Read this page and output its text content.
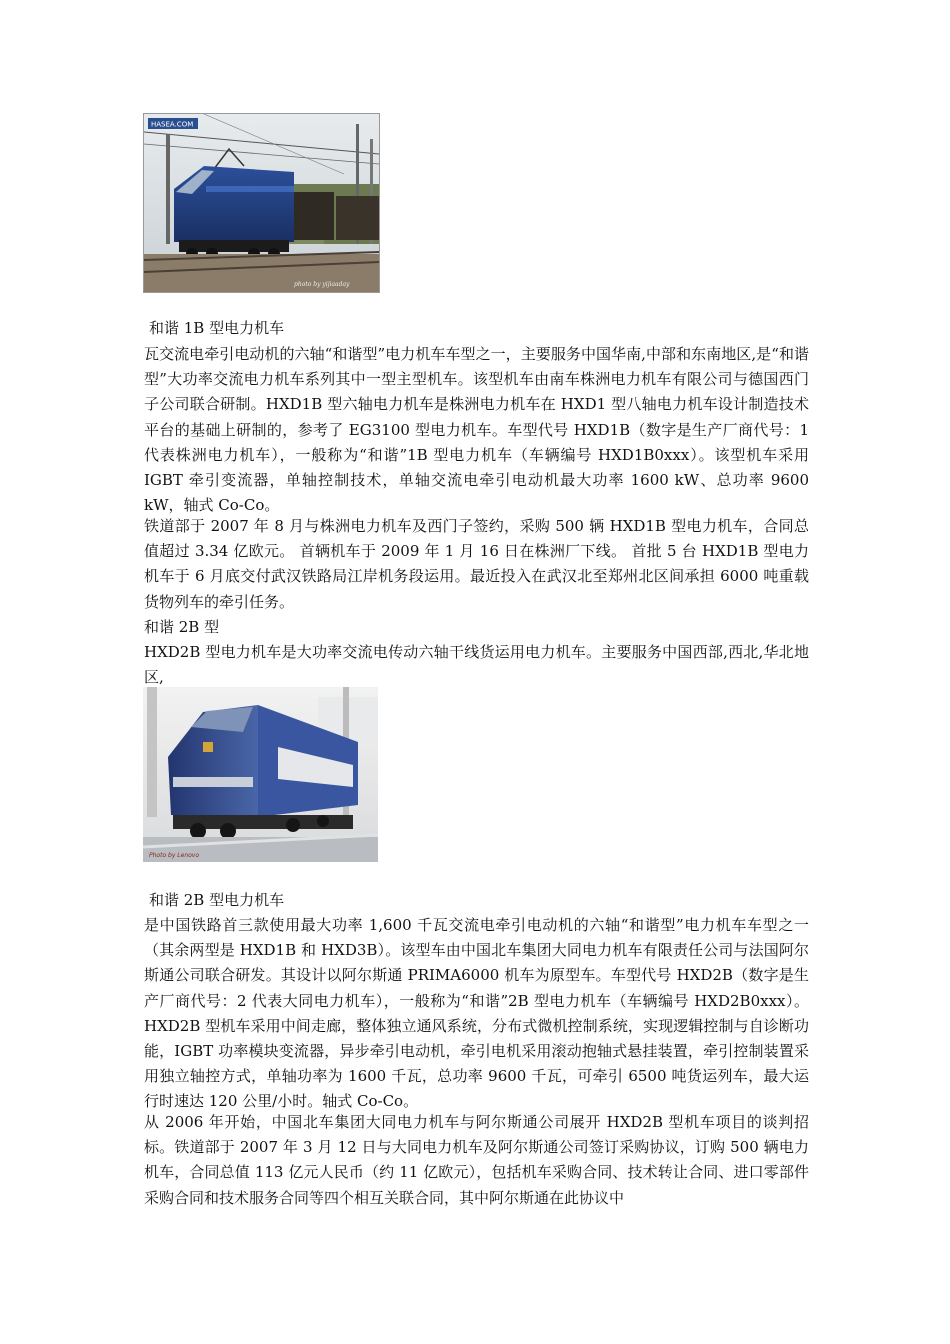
HASEA.COM
photo by yijiaaday
和谐 1B 型电力机车

瓦交流电牵引电动机的六轴“和谐型”电力机车车型之一，主要服务中国华南,中部和东南地区,是“和谐型”大功率交流电力机车系列其中一型主型机车。该型机车由南车株洲电力机车有限公司与德国西门子公司联合研制。HXD1B 型六轴电力机车是株洲电力机车在 HXD1 型八轴电力机车设计制造技术平台的基础上研制的，参考了 EG3100 型电力机车。车型代号 HXD1B（数字是生产厂商代号：1 代表株洲电力机车），一般称为“和谐”1B 型电力机车（车辆编号 HXD1B0xxx）。该型机车采用 IGBT 牵引变流器，单轴控制技术，单轴交流电牵引电动机最大功率 1600 kW、总功率 9600 kW，轴式 Co-Co。

铁道部于 2007 年 8 月与株洲电力机车及西门子签约，采购 500 辆 HXD1B 型电力机车，合同总值超过 3.34 亿欧元。 首辆机车于 2009 年 1 月 16 日在株洲厂下线。 首批 5 台 HXD1B 型电力机车于 6 月底交付武汉铁路局江岸机务段运用。最近投入在武汉北至郑州北区间承担 6000 吨重载货物列车的牵引任务。

和谐 2B 型

HXD2B 型电力机车是大功率交流电传动六轴干线货运用电力机车。主要服务中国西部,西北,华北地区,

Photo by Lenovo
和谐 2B 型电力机车

是中国铁路首三款使用最大功率 1,600 千瓦交流电牵引电动机的六轴“和谐型”电力机车车型之一（其余两型是 HXD1B 和 HXD3B）。该型车由中国北车集团大同电力机车有限责任公司与法国阿尔斯通公司联合研发。其设计以阿尔斯通 PRIMA6000 机车为原型车。车型代号 HXD2B（数字是生产厂商代号：2 代表大同电力机车），一般称为“和谐”2B 型电力机车（车辆编号 HXD2B0xxx）。HXD2B 型机车采用中间走廊，整体独立通风系统，分布式微机控制系统，实现逻辑控制与自诊断功能，IGBT 功率模块变流器，异步牵引电动机，牵引电机采用滚动抱轴式悬挂装置，牵引控制装置采用独立轴控方式，单轴功率为 1600 千瓦，总功率 9600 千瓦，可牵引 6500 吨货运列车，最大运行时速达 120 公里/小时。轴式 Co-Co。

从 2006 年开始，中国北车集团大同电力机车与阿尔斯通公司展开 HXD2B 型机车项目的谈判招标。铁道部于 2007 年 3 月 12 日与大同电力机车及阿尔斯通公司签订采购协议，订购 500 辆电力机车，合同总值 113 亿元人民币（约 11 亿欧元），包括机车采购合同、技术转让合同、进口零部件采购合同和技术服务合同等四个相互关联合同，其中阿尔斯通在此协议中
